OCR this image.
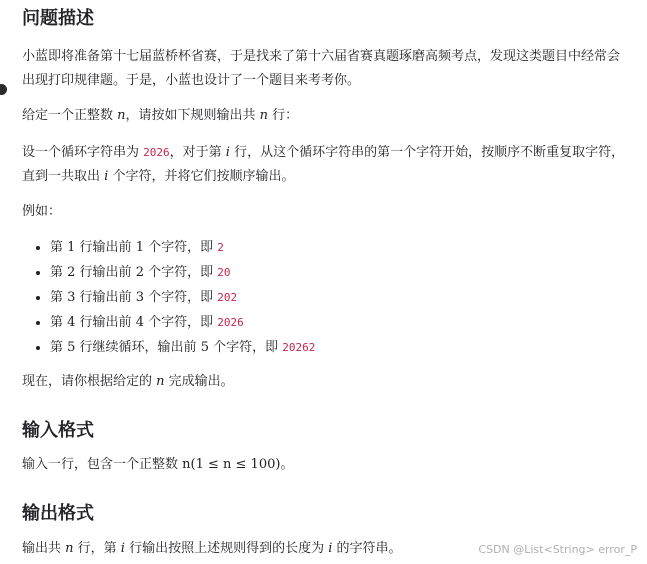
问题描述

小蓝即将准备第十七届蓝桥杯省赛，于是找来了第十六届省赛真题琢磨高频考点，发现这类题目中经常会出现打印规律题。于是，小蓝也设计了一个题目来考考你。

给定一个正整数 n，请按如下规则输出共 n 行：

设一个循环字符串为 2026，对于第 i 行，从这个循环字符串的第一个字符开始，按顺序不断重复取字符，直到一共取出 i 个字符，并将它们按顺序输出。

例如：

• 第 1 行输出前 1 个字符，即 2
• 第 2 行输出前 2 个字符，即 20
• 第 3 行输出前 3 个字符，即 202
• 第 4 行输出前 4 个字符，即 2026
• 第 5 行继续循环，输出前 5 个字符，即 20262

现在，请你根据给定的 n 完成输出。

输入格式

输入一行，包含一个正整数 n(1 ≤ n ≤ 100)。

输出格式

输出共 n 行，第 i 行输出按照上述规则得到的长度为 i 的字符串。	CSDN @List<String> error_P
